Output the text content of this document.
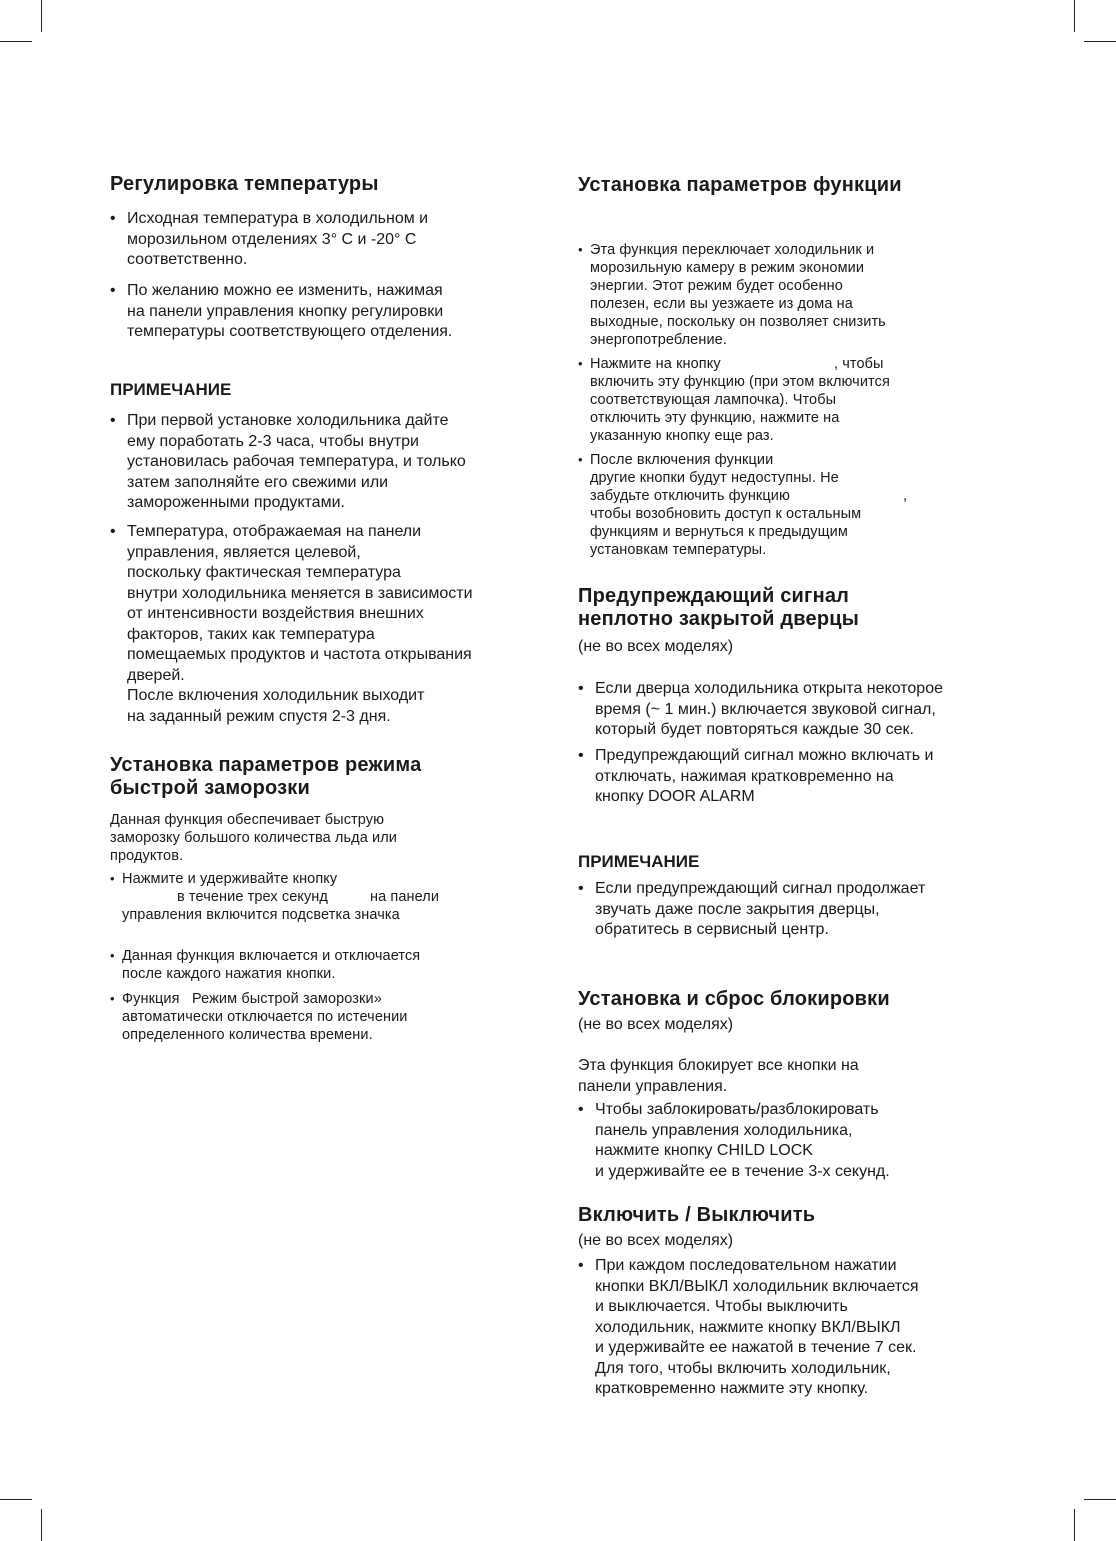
Регулировка температуры
• Исходная температура в холодильном и
морозильном отделениях 3° С и -20° С
соответственно.
• По желанию можно ее изменить, нажимая
на панели управления кнопку регулировки
температуры соответствующего отделения.
ПРИМЕЧАНИЕ
• При первой установке холодильника дайте
ему поработать 2-3 часа, чтобы внутри
установилась рабочая температура, и только
затем заполняйте его свежими или
замороженными продуктами.
• Температура, отображаемая на панели
управления, является целевой,
поскольку фактическая температура
внутри холодильника меняется в зависимости
от интенсивности воздействия внешних
факторов, таких как температура
помещаемых продуктов и частота открывания
дверей.
После включения холодильник выходит
на заданный режим спустя 2-3 дня.
Установка параметров режима
быстрой заморозки
Данная функция обеспечивает быструю
заморозку большого количества льда или
продуктов.
• Нажмите и удерживайте кнопку
в течение трех секунд	на панели

управления включится подсветка значка
• Данная функция включается и отключается
после каждого нажатия кнопки.
• Функция Режим быстрой заморозки»
автоматически отключается по истечении
определенного количества времени.
Установка параметров функции
• Эта функция переключает холодильник и
морозильную камеру в режим экономии
энергии. Этот режим будет особенно
полезен, если вы уезжаете из дома на
выходные, поскольку он позволяет снизить
энергопотребление.
• Нажмите на кнопку	, чтобы
включить эту функцию (при этом включится
соответствующая лампочка). Чтобы
отключить эту функцию, нажмите на
указанную кнопку еще раз.
• После включения функции
другие кнопки будут недоступны. Не
забудьте отключить функцию	,
чтобы возобновить доступ к остальным
функциям и вернуться к предыдущим
установкам температуры.
Предупреждающий сигнал
неплотно закрытой дверцы
(не во всех моделях)
• Если дверца холодильника открыта некоторое
время (~ 1 мин.) включается звуковой сигнал,
который будет повторяться каждые 30 сек.
• Предупреждающий сигнал можно включать и
отключать, нажимая кратковременно на
кнопку DOOR ALARM
ПРИМЕЧАНИЕ
• Если предупреждающий сигнал продолжает
звучать даже после закрытия дверцы,
обратитесь в сервисный центр.
Установка и сброс блокировки
(не во всех моделях)
Эта функция блокирует все кнопки на
панели управления.
• Чтобы заблокировать/разблокировать
панель управления холодильника,
нажмите кнопку CHILD LOCK
и удерживайте ее в течение 3-х секунд.
Включить / Выключить
(не во всех моделях)
• При каждом последовательном нажатии
кнопки ВКЛ/ВЫКЛ холодильник включается
и выключается. Чтобы выключить
холодильник, нажмите кнопку ВКЛ/ВЫКЛ
и удерживайте ее нажатой в течение 7 сек.
Для того, чтобы включить холодильник,
кратковременно нажмите эту кнопку.
